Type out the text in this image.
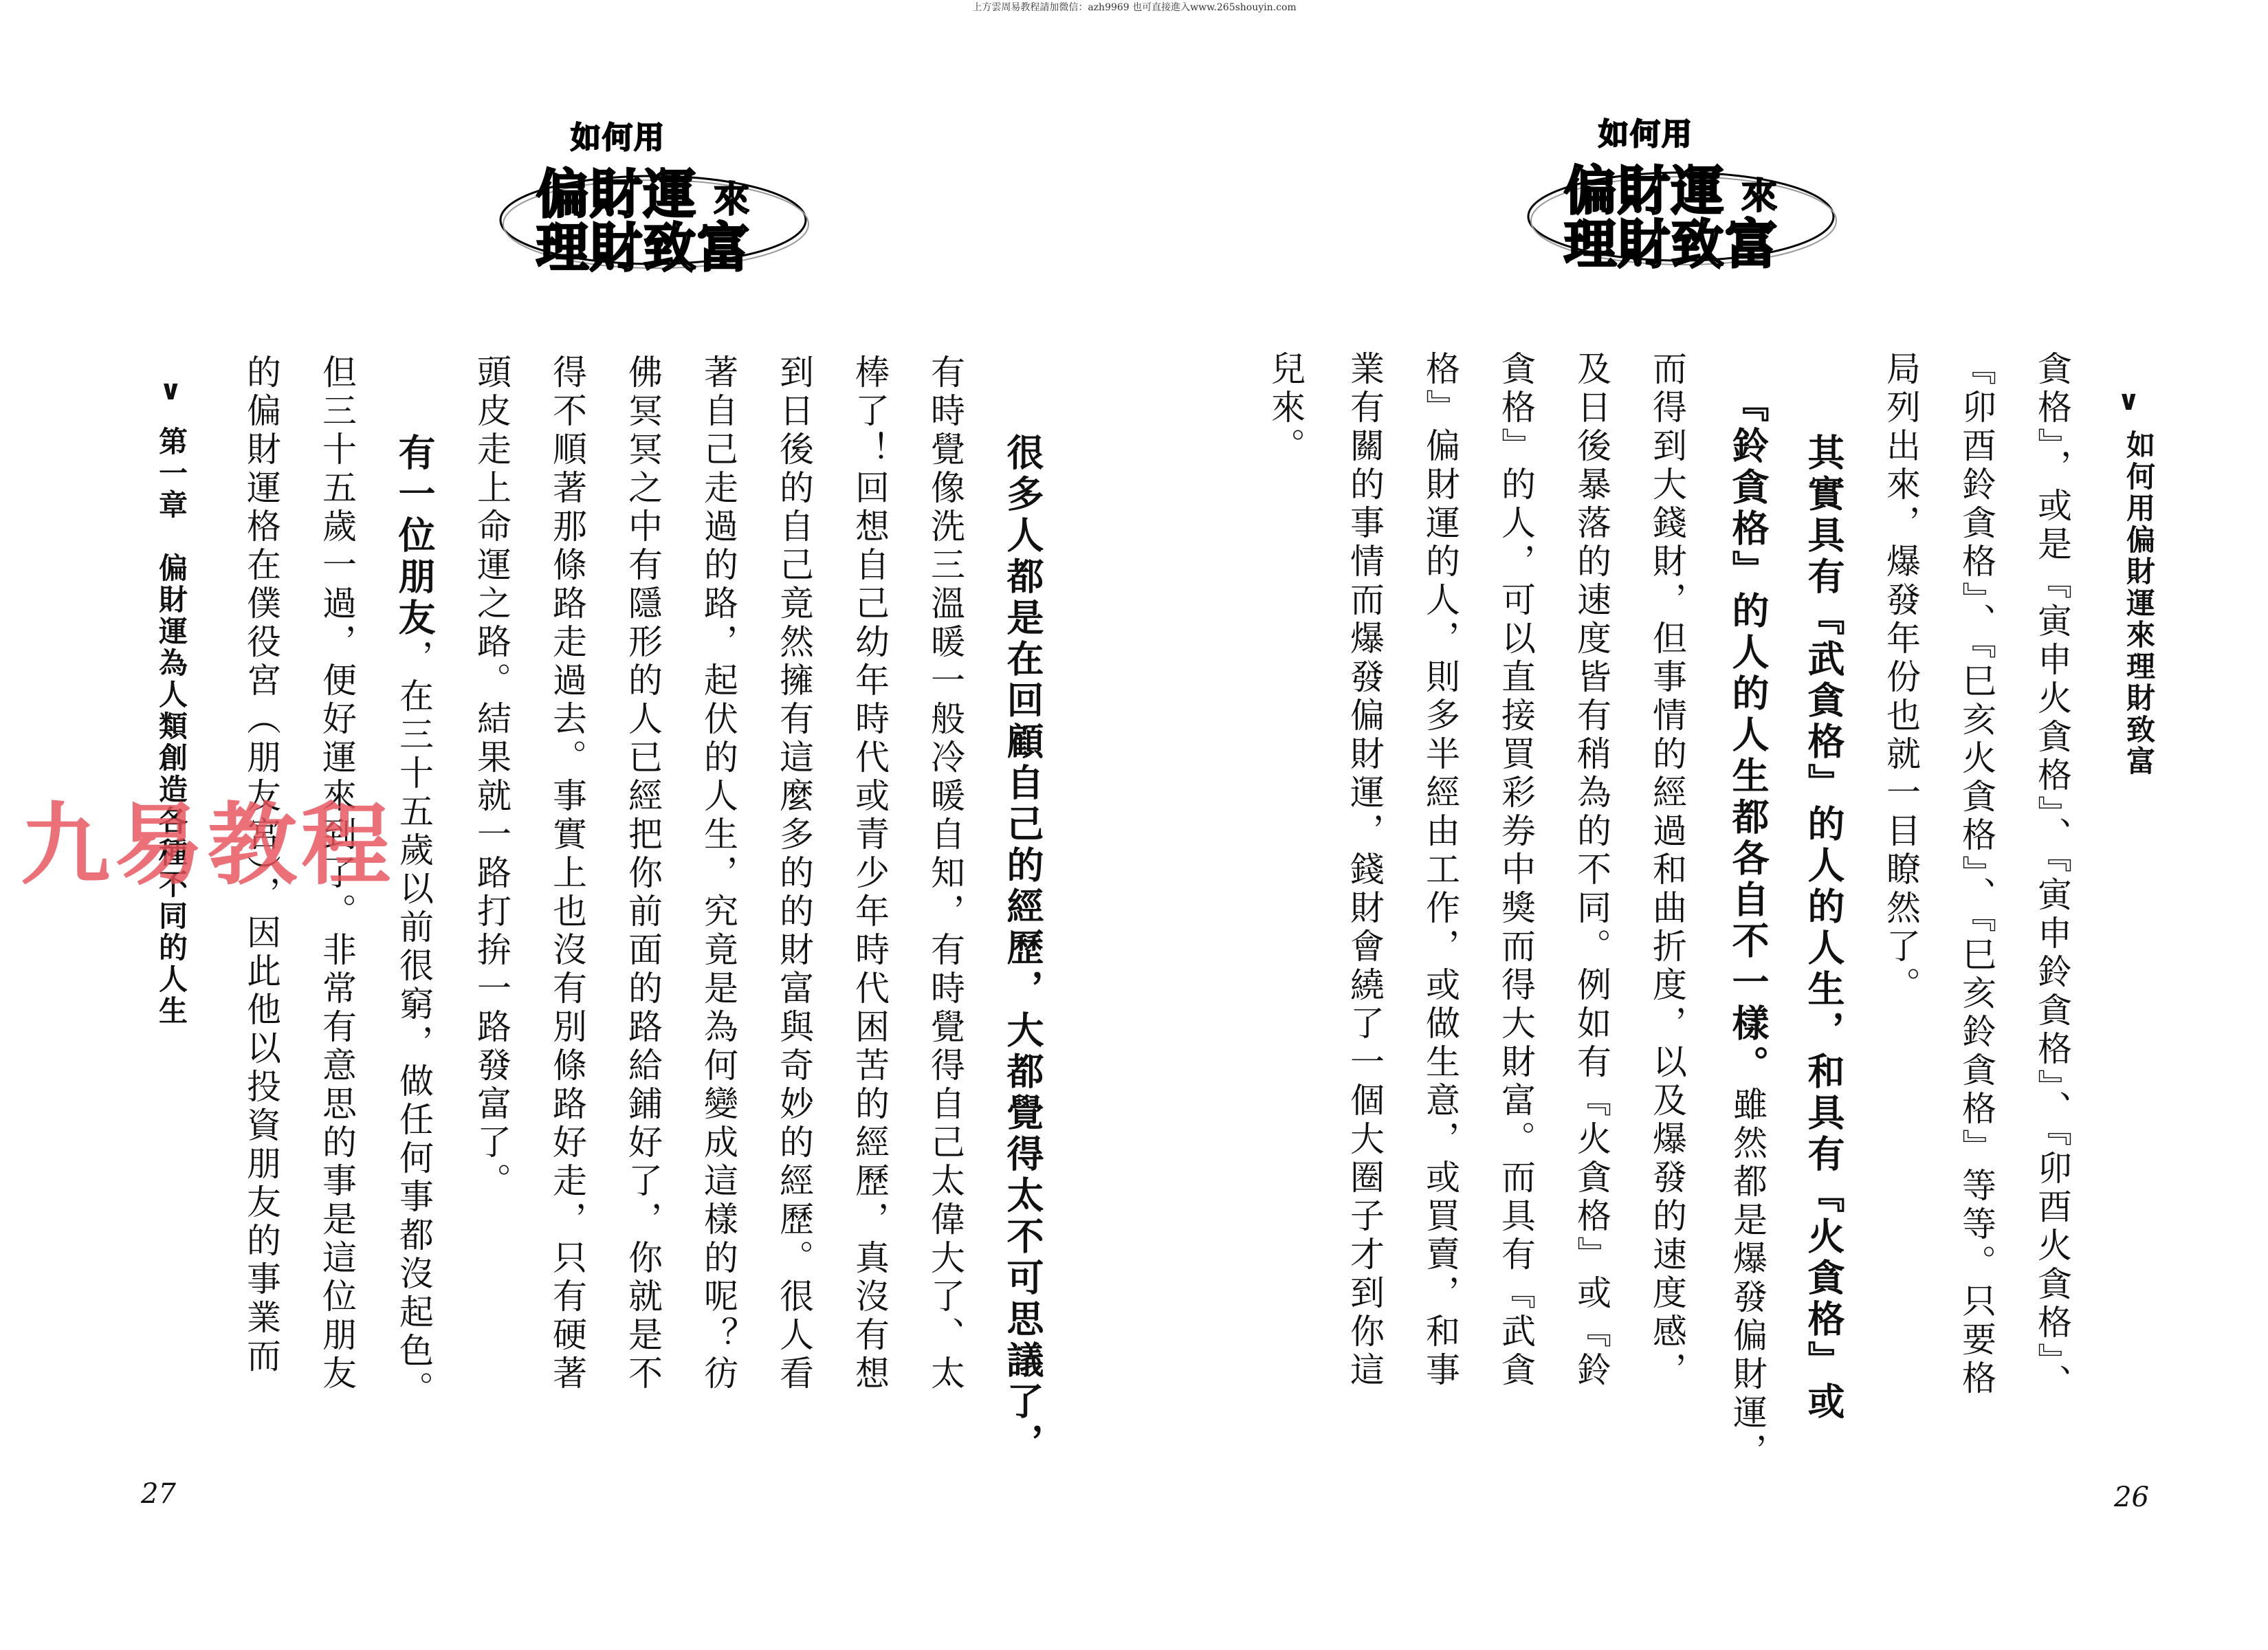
上方雲周易教程請加微信：azh9969 也可直接進入www.265shouyin.com
如何用
偏財運 來
理財致富
如何用
偏財運 來
理財致富
∨
如何用偏財運來理財致富
貪格』，或是『寅申火貪格』、『寅申鈴貪格』、『卯酉火貪格』、
『卯酉鈴貪格』、『巳亥火貪格』、『巳亥鈴貪格』等等。只要格
局列出來，爆發年份也就一目瞭然了。
其實具有『武貪格』的人的人生，和具有『火貪格』或
『鈴貪格』的人的人生都各自不一樣。雖然都是爆發偏財運，
而得到大錢財，但事情的經過和曲折度，以及爆發的速度感，
及日後暴落的速度皆有稍為的不同。例如有『火貪格』或『鈴
貪格』的人，可以直接買彩券中獎而得大財富。而具有『武貪
格』偏財運的人，則多半經由工作，或做生意，或買賣，和事
業有關的事情而爆發偏財運，錢財會繞了一個大圈子才到你這
兒來。
26
很多人都是在回顧自己的經歷，大都覺得太不可思議了，
有時覺像洗三溫暖一般冷暖自知，有時覺得自己太偉大了、太
棒了！回想自己幼年時代或青少年時代困苦的經歷，真沒有想
到日後的自己竟然擁有這麼多的的財富與奇妙的經歷。很人看
著自己走過的路，起伏的人生，究竟是為何變成這樣的呢？彷
佛冥冥之中有隱形的人已經把你前面的路給鋪好了，你就是不
得不順著那條路走過去。事實上也沒有別條路好走，只有硬著
頭皮走上命運之路。結果就一路打拚一路發富了。
有一位朋友，在三十五歲以前很窮，做任何事都沒起色。
但三十五歲一過，便好運來到了。非常有意思的事是這位朋友
的偏財運格在僕役宮（朋友宮），因此他以投資朋友的事業而
∨
第一章　偏財運為人類創造各種不同的人生
27
九易教程
